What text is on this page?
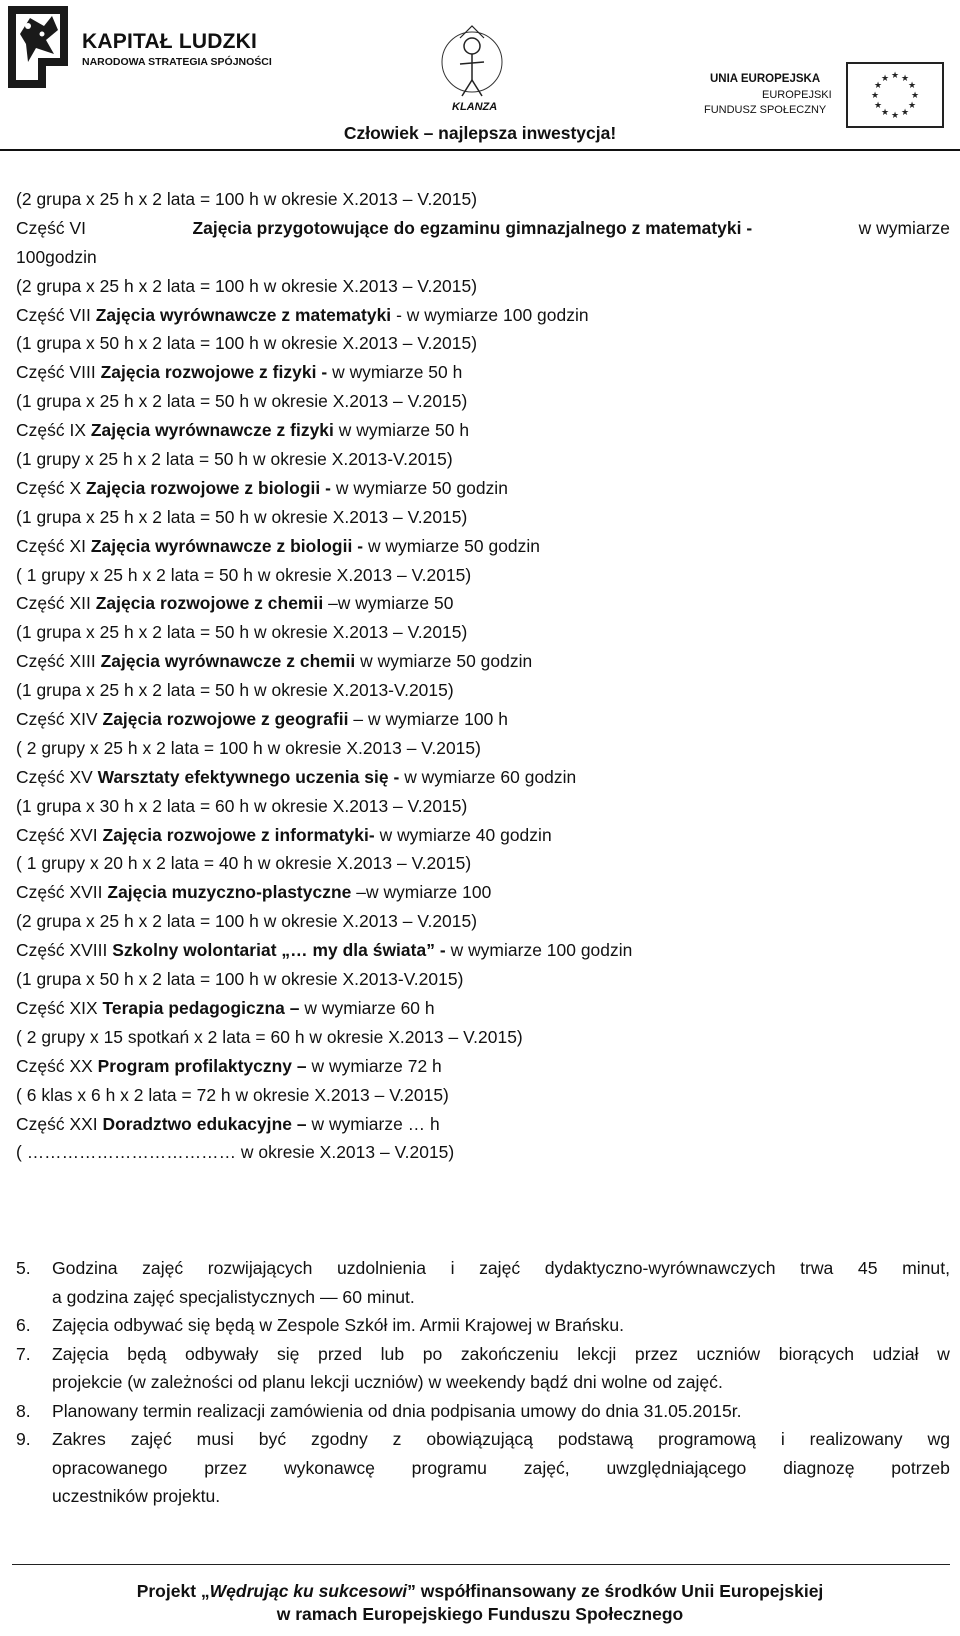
KAPITAŁ LUDZKI
NARODOWA STRATEGIA SPÓJNOŚCI
KLANZA
UNIA EUROPEJSKA
EUROPEJSKI
FUNDUSZ SPOŁECZNY
★ ★
★
★
★
★
★
★
★
★
★
★
Człowiek – najlepsza inwestycja!
(2 grupa x 25 h x 2 lata = 100 h w okresie X.2013 – V.2015)
Część VI	Zajęcia przygotowujące do egzaminu gimnazjalnego z matematyki -	w wymiarze
100godzin
(2 grupa x 25 h x 2 lata = 100 h w okresie X.2013 – V.2015)
Część VII Zajęcia wyrównawcze z matematyki - w wymiarze 100 godzin
(1 grupa x 50 h x 2 lata = 100 h w okresie X.2013 – V.2015)
Część VIII Zajęcia rozwojowe z fizyki - w wymiarze 50 h
(1 grupa x 25 h x 2 lata = 50 h w okresie X.2013 – V.2015)
Część IX Zajęcia wyrównawcze z fizyki w wymiarze 50 h
(1 grupy x 25 h x 2 lata = 50 h w okresie X.2013-V.2015)
Część X Zajęcia rozwojowe z biologii - w wymiarze 50 godzin
(1 grupa x 25 h x 2 lata = 50 h w okresie X.2013 – V.2015)
Część XI Zajęcia wyrównawcze z biologii - w wymiarze 50 godzin
( 1 grupy x 25 h x 2 lata = 50 h w okresie X.2013 – V.2015)
Część XII Zajęcia rozwojowe z chemii –w wymiarze 50
(1 grupa x 25 h x 2 lata = 50 h w okresie X.2013 – V.2015)
Część XIII Zajęcia wyrównawcze z chemii w wymiarze 50 godzin
(1 grupa x 25 h x 2 lata = 50 h w okresie X.2013-V.2015)
Część XIV Zajęcia rozwojowe z geografii – w wymiarze 100 h
( 2 grupy x 25 h x 2 lata = 100 h w okresie X.2013 – V.2015)
Część XV Warsztaty efektywnego uczenia się - w wymiarze 60 godzin
(1 grupa x 30 h x 2 lata = 60 h w okresie X.2013 – V.2015)
Część XVI Zajęcia rozwojowe z informatyki- w wymiarze 40 godzin
( 1 grupy x 20 h x 2 lata = 40 h w okresie X.2013 – V.2015)
Część XVII Zajęcia muzyczno-plastyczne –w wymiarze 100
(2 grupa x 25 h x 2 lata = 100 h w okresie X.2013 – V.2015)
Część XVIII Szkolny wolontariat „… my dla świata” - w wymiarze 100 godzin
(1 grupa x 50 h x 2 lata = 100 h w okresie X.2013-V.2015)
Część XIX Terapia pedagogiczna – w wymiarze 60 h
( 2 grupy x 15 spotkań x 2 lata = 60 h w okresie X.2013 – V.2015)
Część XX Program profilaktyczny – w wymiarze 72 h
( 6 klas x 6 h x 2 lata = 72 h w okresie X.2013 – V.2015)
Część XXI Doradztwo edukacyjne – w wymiarze … h
( ……………………………… w okresie X.2013 – V.2015)
5.	Godzina zajęć rozwijających uzdolnienia i zajęć dydaktyczno-wyrównawczych trwa 45 minut,
a godzina zajęć specjalistycznych — 60 minut.
6.	Zajęcia odbywać się będą w Zespole Szkół im. Armii Krajowej w Brańsku.
7.	Zajęcia będą odbywały się przed lub po zakończeniu lekcji przez uczniów biorących udział w
projekcie (w zależności od planu lekcji uczniów) w weekendy bądź dni wolne od zajęć.
8.	Planowany termin realizacji zamówienia od dnia podpisania umowy do dnia 31.05.2015r.
9.	Zakres zajęć musi być zgodny z obowiązującą podstawą programową i realizowany wg
opracowanego przez wykonawcę programu zajęć, uwzględniającego diagnozę potrzeb
uczestników projektu.
Projekt „Wędrując ku sukcesowi” współfinansowany ze środków Unii Europejskiej
w ramach Europejskiego Funduszu Społecznego
